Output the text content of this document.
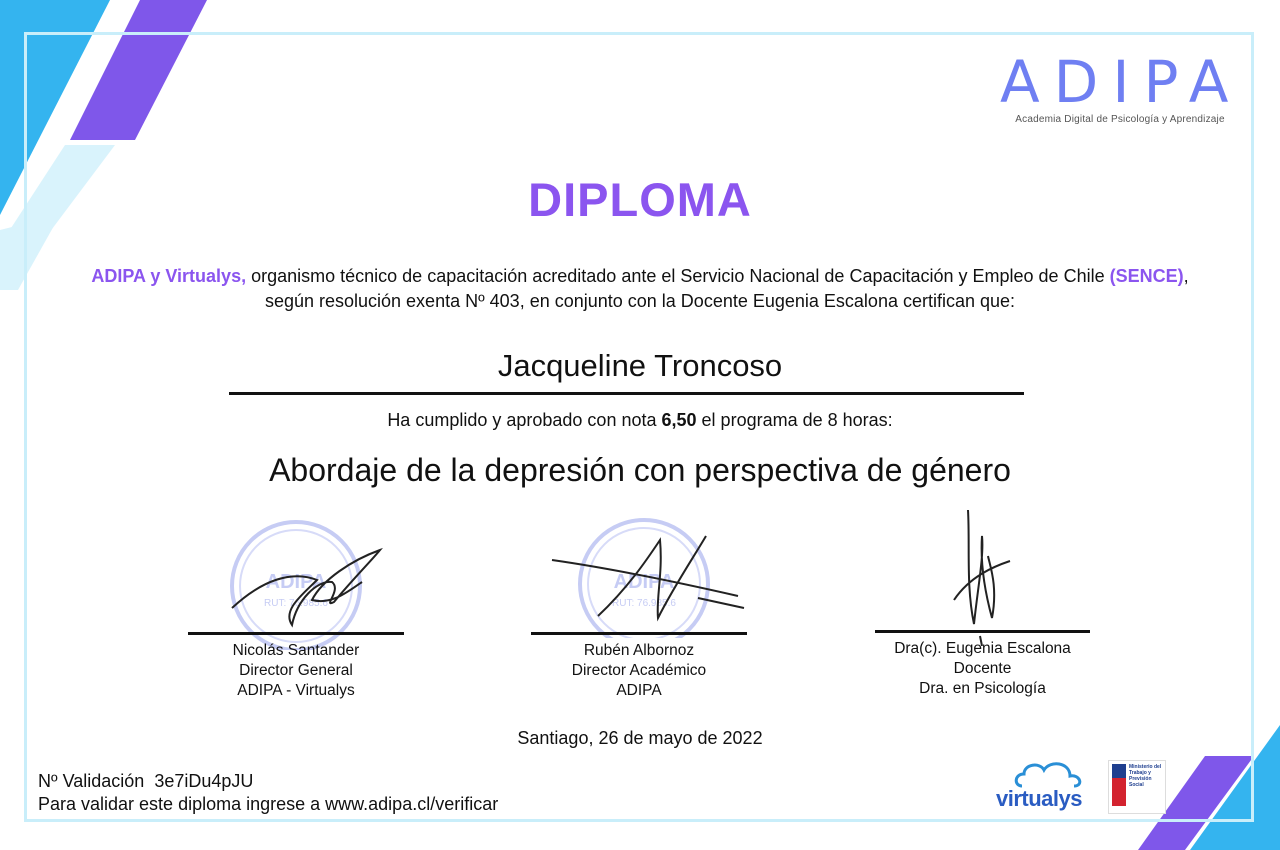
ADIPA
Academia Digital de Psicología y Aprendizaje
DIPLOMA
ADIPA y Virtualys, organismo técnico de capacitación acreditado ante el Servicio Nacional de Capacitación y Empleo de Chile (SENCE), según resolución exenta Nº 403, en conjunto con la Docente Eugenia Escalona certifican que:
Jacqueline Troncoso
Ha cumplido y aprobado con nota 6,50 el programa de 8 horas:
Abordaje de la depresión con perspectiva de género
ADIPA
RUT: 76.985.6
Nicolás Santander
Director General
ADIPA - Virtualys
ADIPA
RUT: 76.985.6
Rubén Albornoz
Director Académico
ADIPA
Dra(c). Eugenia Escalona
Docente
Dra. en Psicología
Santiago, 26 de mayo de 2022
Nº Validación 3e7iDu4pJU
Para validar este diploma ingrese a www.adipa.cl/verificar	virtualys
Ministerio del Trabajo y Previsión Social
